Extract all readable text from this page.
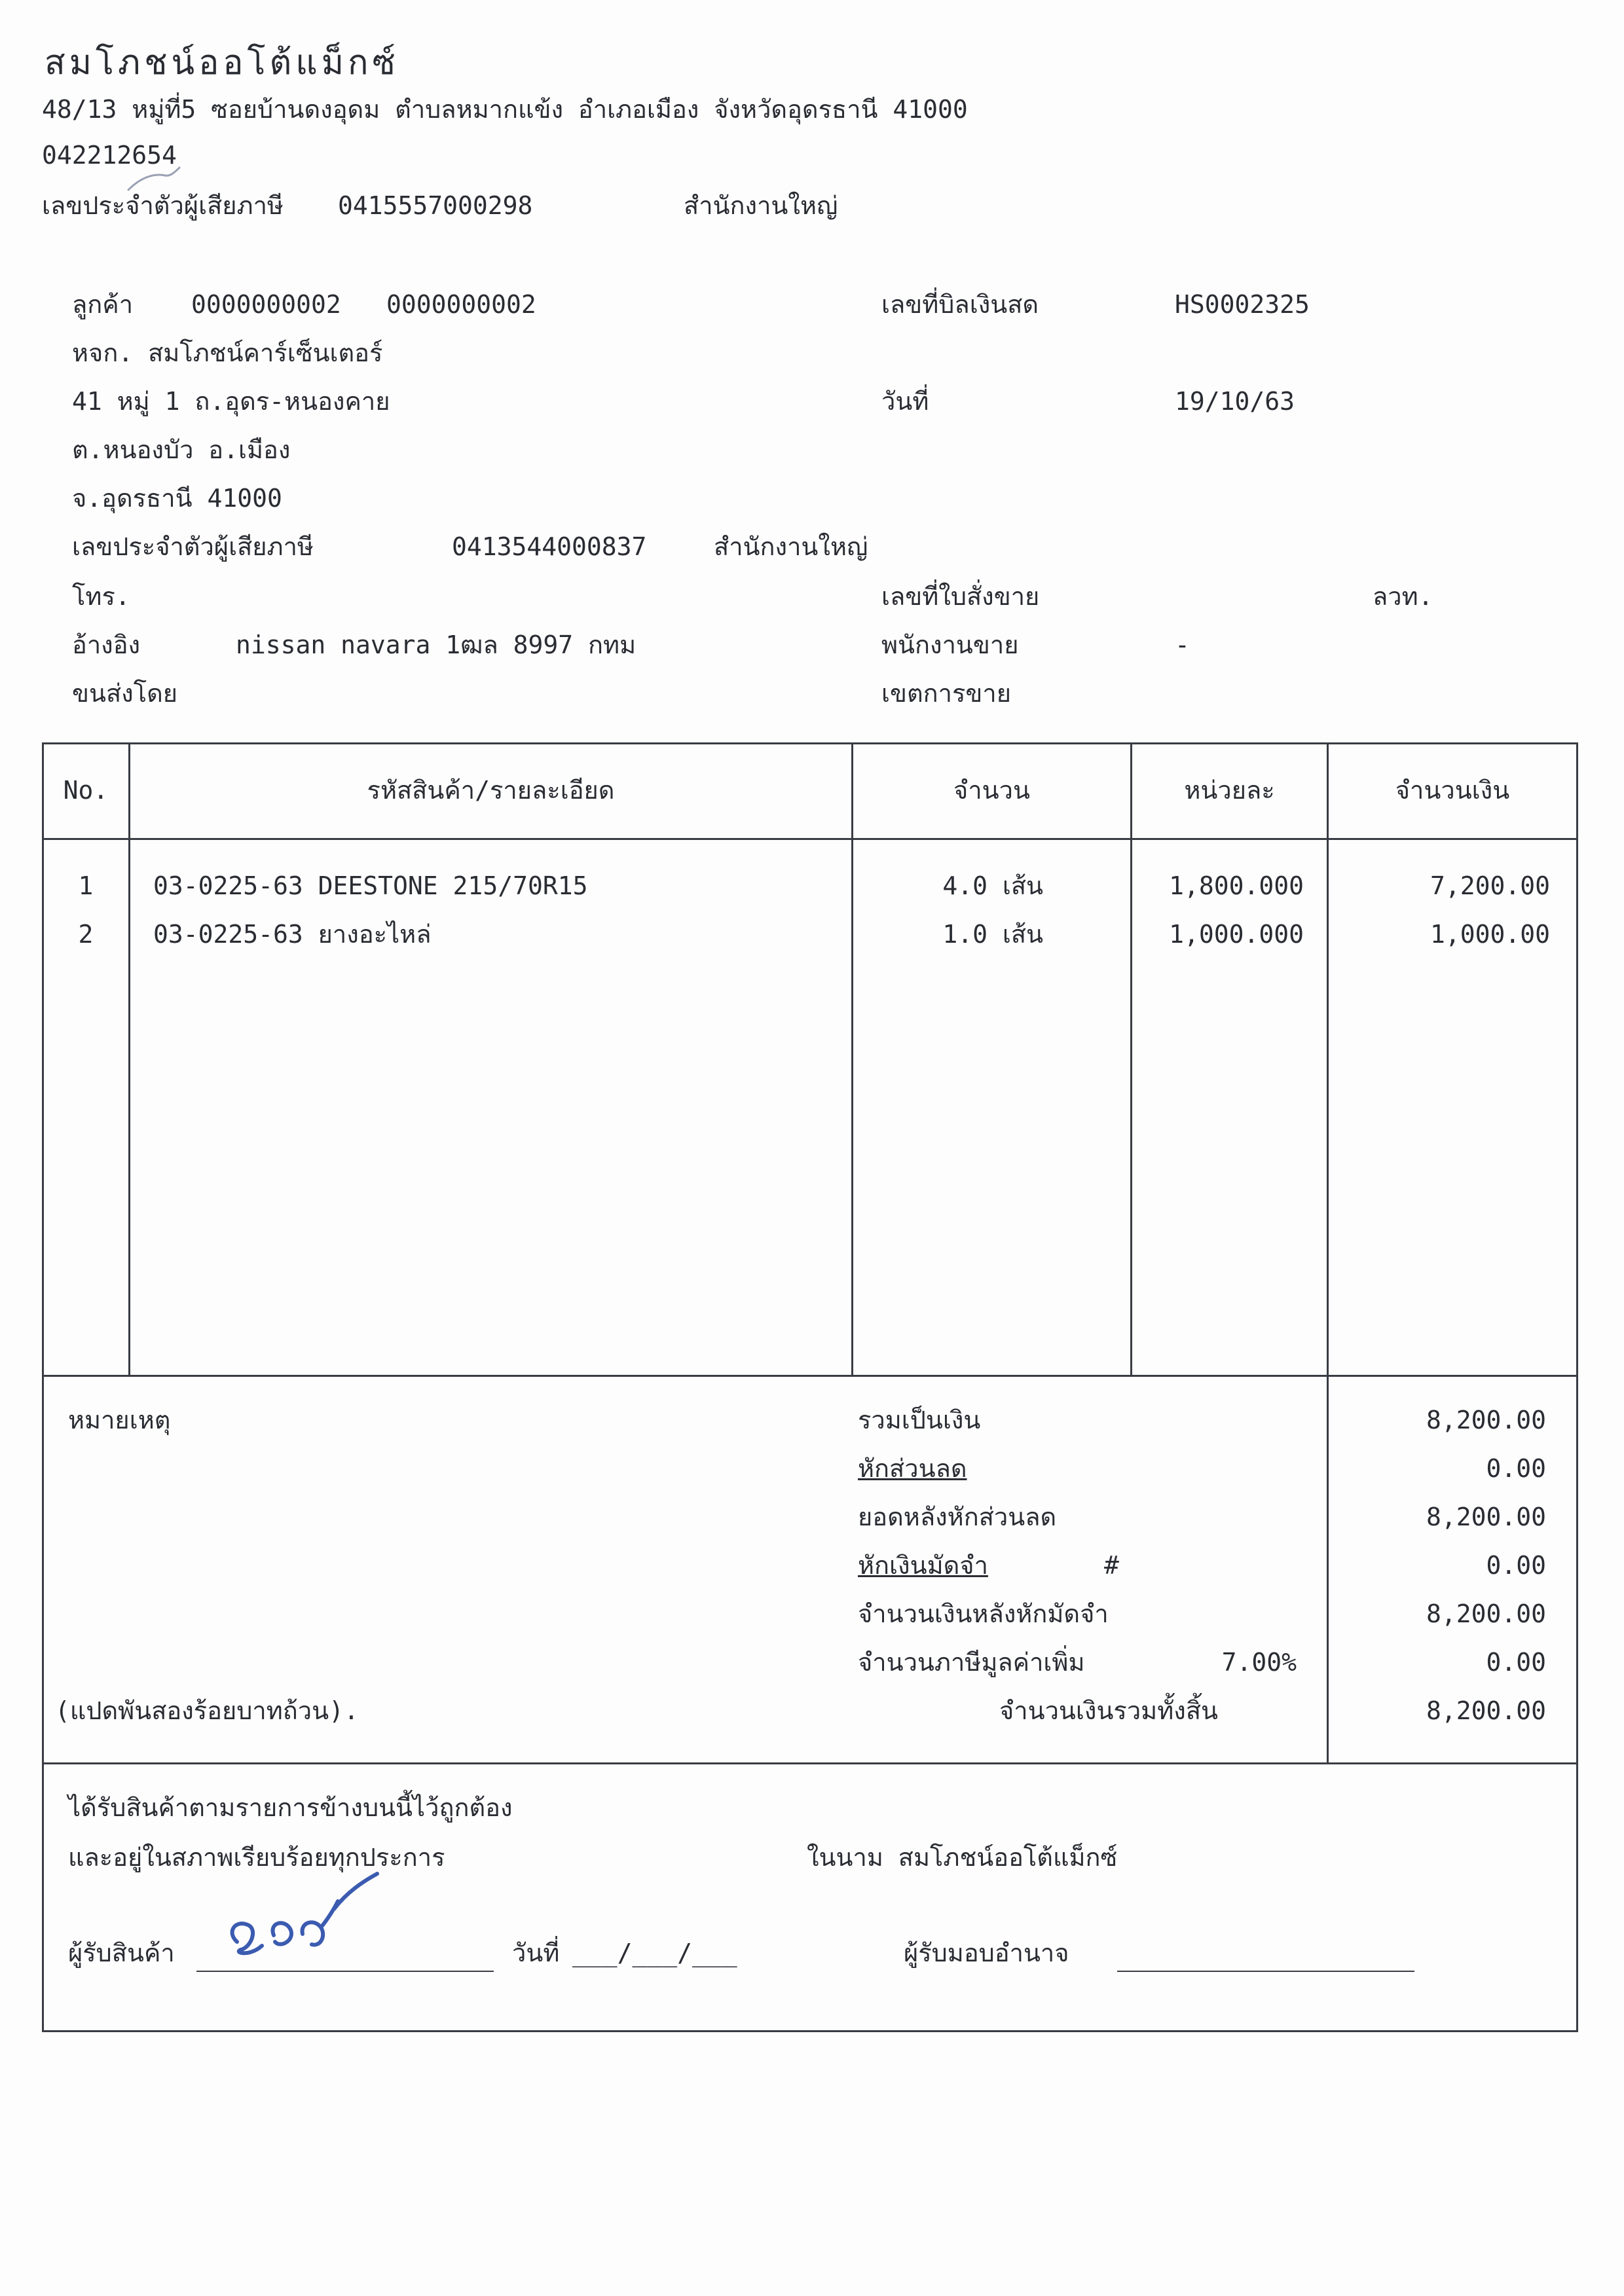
สมโภชน์ออโต้แม็กซ์
48/13 หมู่ที่5 ซอยบ้านดงอุดม ตำบลหมากแข้ง อำเภอเมือง จังหวัดอุดรธานี 41000
042212654
เลขประจำตัวผู้เสียภาษี 0415557000298	สำนักงานใหญ่
ลูกค้า 0000000002 0000000002
หจก. สมโภชน์คาร์เซ็นเตอร์
41 หมู่ 1 ถ.อุดร-หนองคาย
ต.หนองบัว อ.เมือง
จ.อุดรธานี 41000
เลขประจำตัวผู้เสียภาษี	0413544000837	สำนักงานใหญ่
โทร.
อ้างอิง	nissan navara 1ฒล 8997 กทม
ขนส่งโดย
เลขที่บิลเงินสด	HS0002325
วันที่	19/10/63
เลขที่ใบสั่งขาย	ลวท.
พนักงานขาย	-
เขตการขาย
No.	รหัสสินค้า/รายละเอียด	จำนวน	หน่วยละ	จำนวนเงิน
1	03-0225-63 DEESTONE 215/70R15	4.0 เส้น	1,800.000	7,200.00
2	03-0225-63 ยางอะไหล่	1.0 เส้น	1,000.000	1,000.00
หมายเหตุ
(แปดพันสองร้อยบาทถ้วน).
รวมเป็นเงิน	8,200.00
หักส่วนลด	0.00
ยอดหลังหักส่วนลด	8,200.00
หักเงินมัดจำ	#	0.00
จำนวนเงินหลังหักมัดจำ	8,200.00
จำนวนภาษีมูลค่าเพิ่ม	7.00%	0.00
จำนวนเงินรวมทั้งสิ้น	8,200.00
ได้รับสินค้าตามรายการข้างบนนี้ไว้ถูกต้อง
และอยู่ในสภาพเรียบร้อยทุกประการ	ในนาม สมโภชน์ออโต้แม็กซ์
ผู้รับสินค้า	วันที่ ___/___/___	ผู้รับมอบอำนาจ
